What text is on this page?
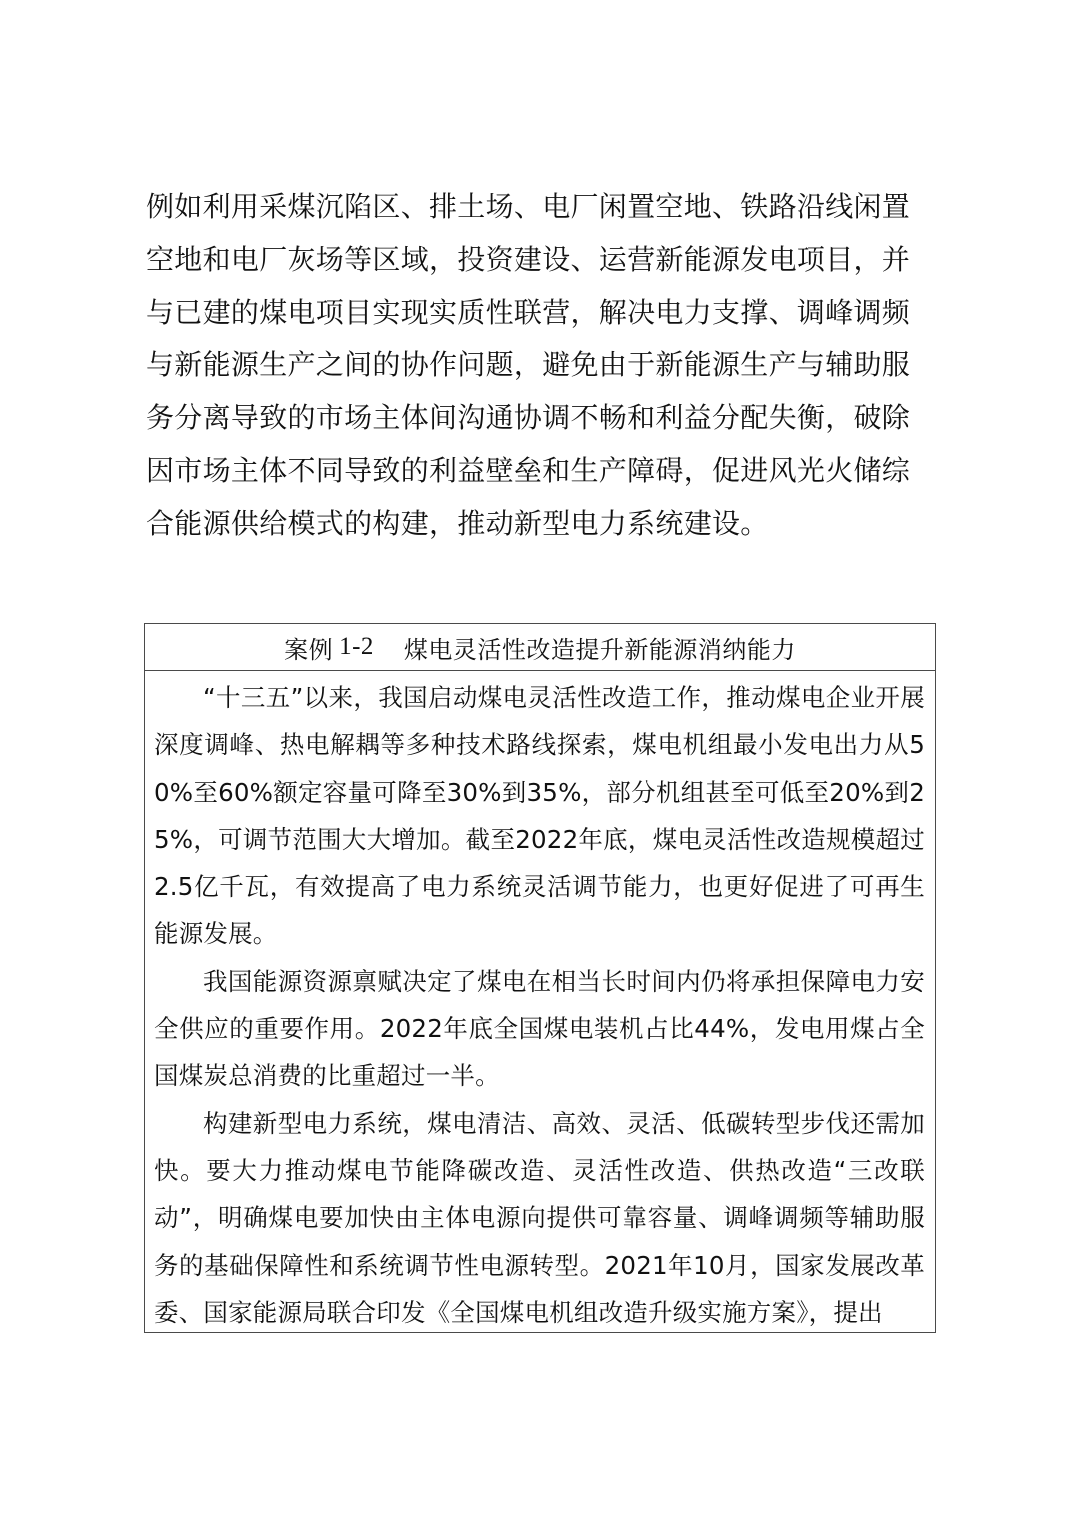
例如利用采煤沉陷区、排土场、电厂闲置空地、铁路沿线闲置空地和电厂灰场等区域，投资建设、运营新能源发电项目，并与已建的煤电项目实现实质性联营，解决电力支撑、调峰调频与新能源生产之间的协作问题，避免由于新能源生产与辅助服务分离导致的市场主体间沟通协调不畅和利益分配失衡，破除因市场主体不同导致的利益壁垒和生产障碍，促进风光火储综合能源供给模式的构建，推动新型电力系统建设。

案例 1-2 煤电灵活性改造提升新能源消纳能力

“十三五”以来，我国启动煤电灵活性改造工作，推动煤电企业开展深度调峰、热电解耦等多种技术路线探索，煤电机组最小发电出力从50%至60%额定容量可降至30%到35%，部分机组甚至可低至20%到25%，可调节范围大大增加。截至2022年底，煤电灵活性改造规模超过2.5亿千瓦，有效提高了电力系统灵活调节能力，也更好促进了可再生能源发展。

我国能源资源禀赋决定了煤电在相当长时间内仍将承担保障电力安全供应的重要作用。2022年底全国煤电装机占比44%，发电用煤占全国煤炭总消费的比重超过一半。

构建新型电力系统，煤电清洁、高效、灵活、低碳转型步伐还需加快。要大力推动煤电节能降碳改造、灵活性改造、供热改造“三改联动”，明确煤电要加快由主体电源向提供可靠容量、调峰调频等辅助服务的基础保障性和系统调节性电源转型。2021年10月，国家发展改革委、国家能源局联合印发《全国煤电机组改造升级实施方案》，提出
